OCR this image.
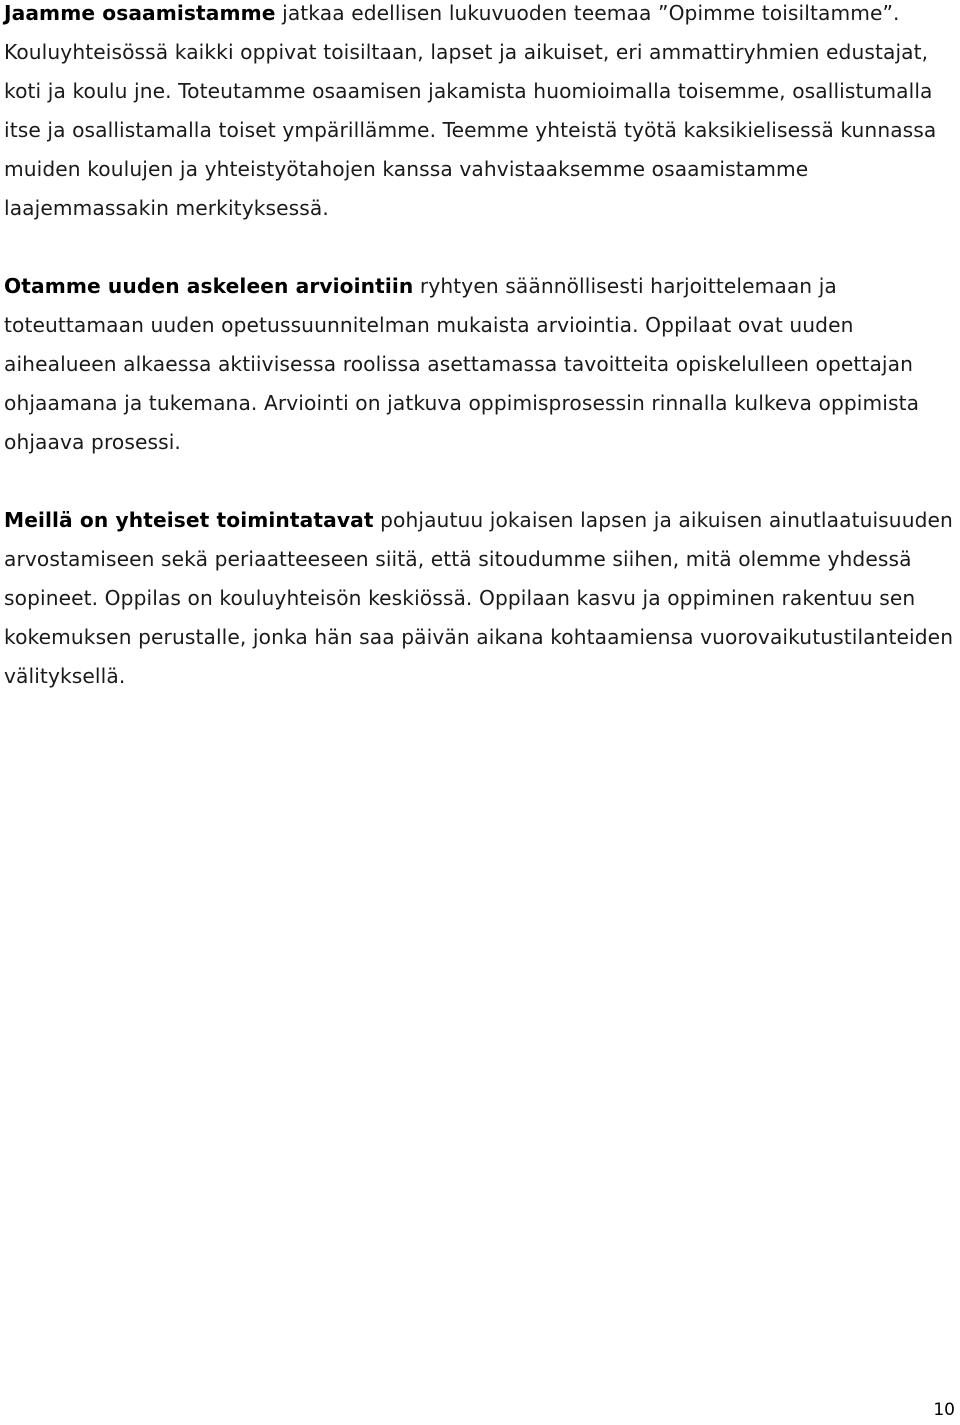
Jaamme osaamistamme jatkaa edellisen lukuvuoden teemaa ”Opimme toisiltamme”. Kouluyhteisössä kaikki oppivat toisiltaan, lapset ja aikuiset, eri ammattiryhmien edustajat, koti ja koulu jne. Toteutamme osaamisen jakamista huomioimalla toisemme, osallistumalla itse ja osallistamalla toiset ympärillämme. Teemme yhteistä työtä kaksikielisessä kunnassa muiden koulujen ja yhteistyötahojen kanssa vahvistaaksemme osaamistamme laajemmassakin merkityksessä.

Otamme uuden askeleen arviointiin ryhtyen säännöllisesti harjoittelemaan ja toteuttamaan uuden opetussuunnitelman mukaista arviointia. Oppilaat ovat uuden aihealueen alkaessa aktiivisessa roolissa asettamassa tavoitteita opiskelulleen opettajan ohjaamana ja tukemana. Arviointi on jatkuva oppimisprosessin rinnalla kulkeva oppimista ohjaava prosessi.

Meillä on yhteiset toimintatavat pohjautuu jokaisen lapsen ja aikuisen ainutlaatuisuuden arvostamiseen sekä periaatteeseen siitä, että sitoudumme siihen, mitä olemme yhdessä sopineet. Oppilas on kouluyhteisön keskiössä. Oppilaan kasvu ja oppiminen rakentuu sen kokemuksen perustalle, jonka hän saa päivän aikana kohtaamiensa vuorovaikutustilanteiden välityksellä.

10
